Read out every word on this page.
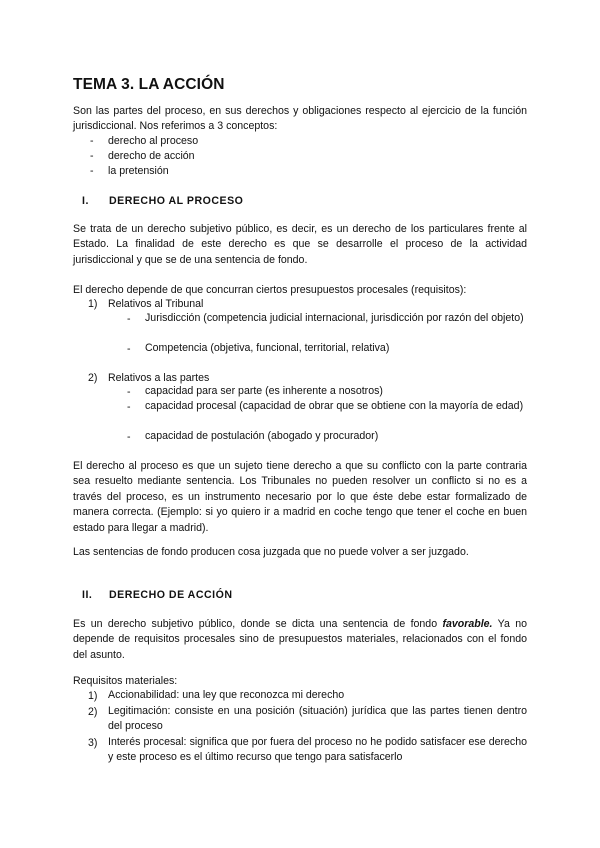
TEMA 3. LA ACCIÓN
Son las partes del proceso, en sus derechos y obligaciones respecto al ejercicio de la función jurisdiccional. Nos referimos a 3 conceptos:
- derecho al proceso
- derecho de acción
- la pretensión
I. DERECHO AL PROCESO
Se trata de un derecho subjetivo público, es decir, es un derecho de los particulares frente al Estado. La finalidad de este derecho es que se desarrolle el proceso de la actividad jurisdiccional y que se de una sentencia de fondo.
El derecho depende de que concurran ciertos presupuestos procesales (requisitos):
1) Relativos al Tribunal
- Jurisdicción (competencia judicial internacional, jurisdicción por razón del objeto)
- Competencia (objetiva, funcional, territorial, relativa)
2) Relativos a las partes
- capacidad para ser parte (es inherente a nosotros)
- capacidad procesal (capacidad de obrar que se obtiene con la mayoría de edad)
- capacidad de postulación (abogado y procurador)
El derecho al proceso es que un sujeto tiene derecho a que su conflicto con la parte contraria sea resuelto mediante sentencia. Los Tribunales no pueden resolver un conflicto si no es a través del proceso, es un instrumento necesario por lo que éste debe estar formalizado de manera correcta. (Ejemplo: si yo quiero ir a madrid en coche tengo que tener el coche en buen estado para llegar a madrid).
Las sentencias de fondo producen cosa juzgada que no puede volver a ser juzgado.
II. DERECHO DE ACCIÓN
Es un derecho subjetivo público, donde se dicta una sentencia de fondo favorable. Ya no depende de requisitos procesales sino de presupuestos materiales, relacionados con el fondo del asunto.
Requisitos materiales:
1) Accionabilidad: una ley que reconozca mi derecho
2) Legitimación: consiste en una posición (situación) jurídica que las partes tienen dentro del proceso
3) Interés procesal: significa que por fuera del proceso no he podido satisfacer ese derecho y este proceso es el último recurso que tengo para satisfacerlo
